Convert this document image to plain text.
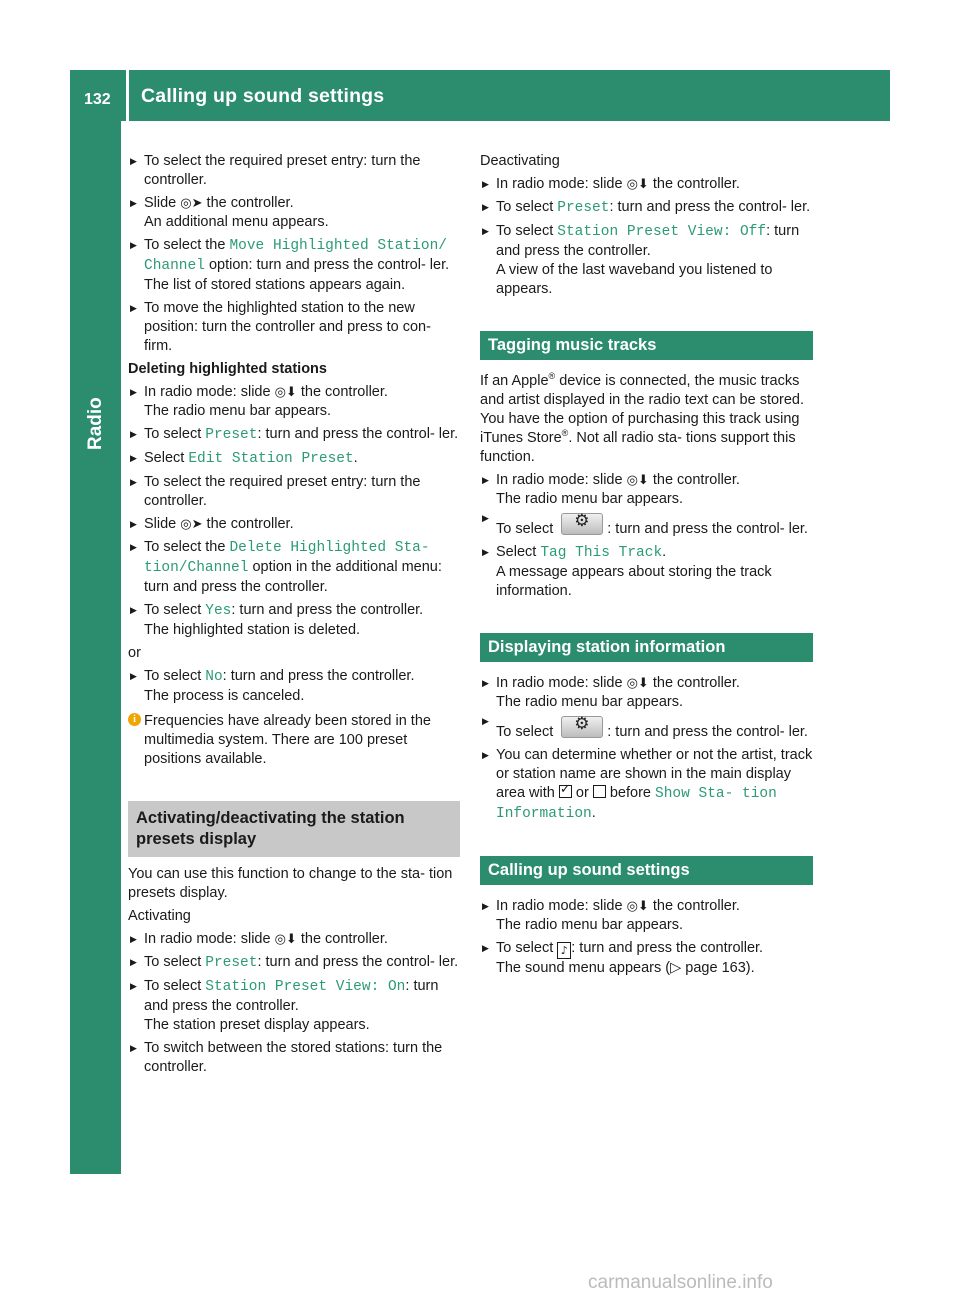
132 Calling up sound settings
Radio
▶ To select the required preset entry: turn the controller.
▶ Slide ◎➤ the controller.
An additional menu appears.
▶ To select the Move Highlighted Station/ Channel option: turn and press the control- ler.
The list of stored stations appears again.
▶ To move the highlighted station to the new position: turn the controller and press to con- firm.
Deleting highlighted stations
▶ In radio mode: slide ◎⬇ the controller.
The radio menu bar appears.
▶ To select Preset: turn and press the control- ler.
▶ Select Edit Station Preset.
▶ To select the required preset entry: turn the controller.
▶ Slide ◎➤ the controller.
▶ To select the Delete Highlighted Sta- tion/Channel option in the additional menu: turn and press the controller.
▶ To select Yes: turn and press the controller.
The highlighted station is deleted.
or
▶ To select No: turn and press the controller.
The process is canceled.
i Frequencies have already been stored in the multimedia system. There are 100 preset positions available.
Activating/deactivating the station presets display
You can use this function to change to the sta- tion presets display.
Activating
▶ In radio mode: slide ◎⬇ the controller.
▶ To select Preset: turn and press the control- ler.
▶ To select Station Preset View: On: turn and press the controller.
The station preset display appears.
▶ To switch between the stored stations: turn the controller.
Deactivating
▶ In radio mode: slide ◎⬇ the controller.
▶ To select Preset: turn and press the control- ler.
▶ To select Station Preset View: Off: turn and press the controller.
A view of the last waveband you listened to appears.
Tagging music tracks
If an Apple® device is connected, the music tracks and artist displayed in the radio text can be stored. You have the option of purchasing this track using iTunes Store®. Not all radio sta- tions support this function.
▶ In radio mode: slide ◎⬇ the controller.
The radio menu bar appears.
▶ To select ⚙	: turn and press the control- ler.
▶ Select Tag This Track.
A message appears about storing the track information.
Displaying station information
▶ In radio mode: slide ◎⬇ the controller.
The radio menu bar appears.
▶ To select ⚙	: turn and press the control- ler.
▶ You can determine whether or not the artist, track or station name are shown in the main display area with ✓ or  before Show Sta- tion Information.
Calling up sound settings
▶ In radio mode: slide ◎⬇ the controller.
The radio menu bar appears.
▶ To select ♪ : turn and press the controller.
The sound menu appears (▷ page 163).
carmanualsonline.info
